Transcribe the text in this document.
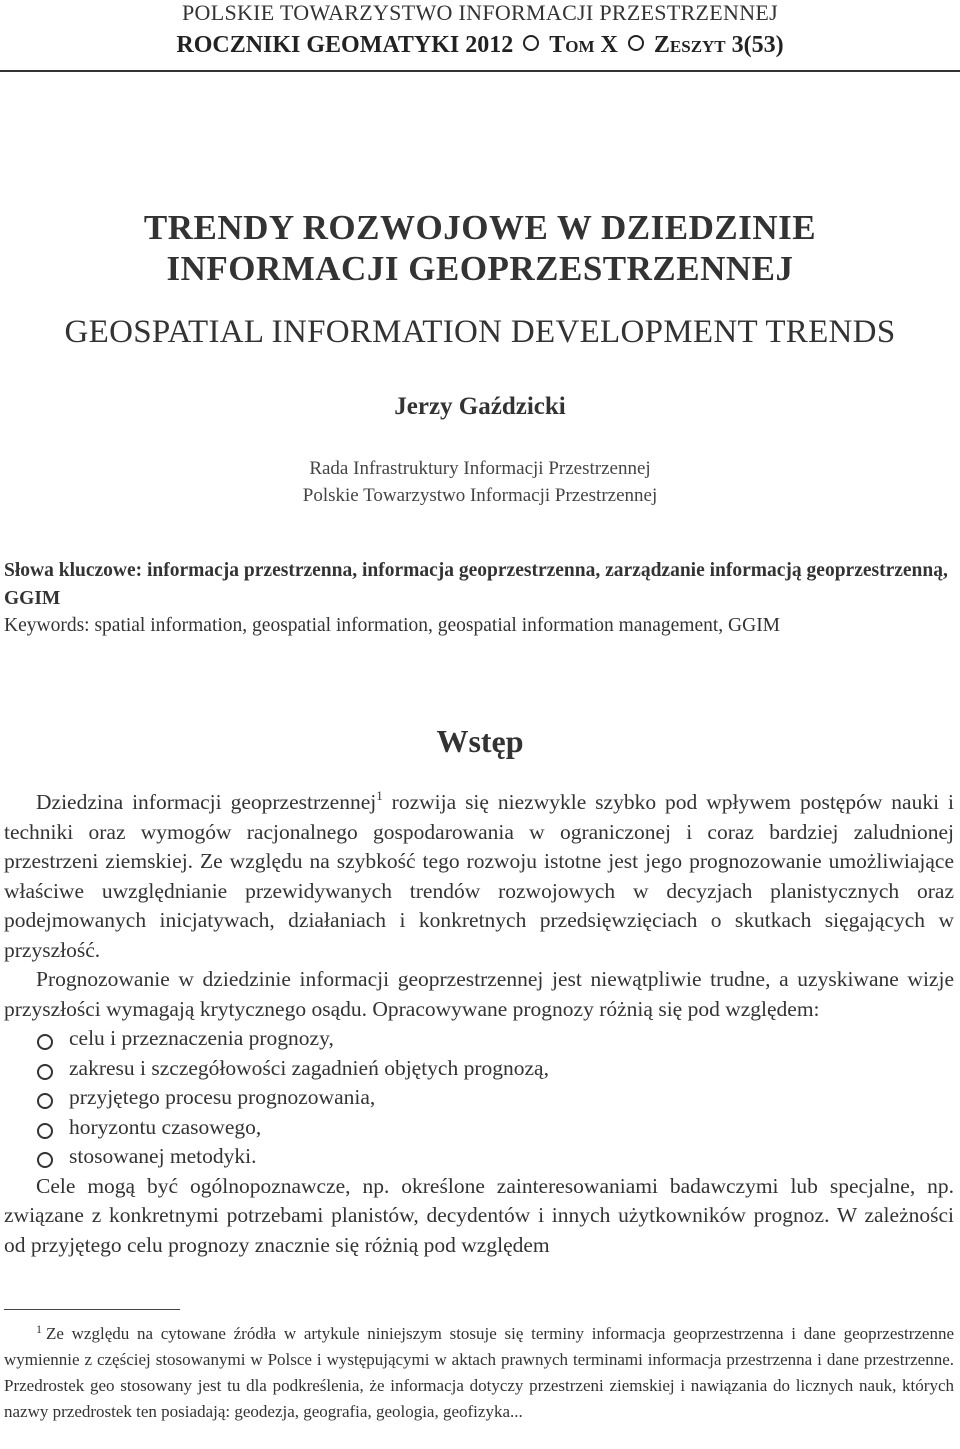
POLSKIE TOWARZYSTWO INFORMACJI PRZESTRZENNEJ
ROCZNIKI GEOMATYKI 2012 Tom X Zeszyt 3(53)
TRENDY ROZWOJOWE W DZIEDZINIE
INFORMACJI GEOPRZESTRZENNEJ
GEOSPATIAL INFORMATION DEVELOPMENT TRENDS
Jerzy Gaździcki
Rada Infrastruktury Informacji Przestrzennej
Polskie Towarzystwo Informacji Przestrzennej
Słowa kluczowe: informacja przestrzenna, informacja geoprzestrzenna, zarządzanie informacją geoprzestrzenną, GGIM
Keywords: spatial information, geospatial information, geospatial information management, GGIM
Wstęp

Dziedzina informacji geoprzestrzennej$^1$ rozwija się niezwykle szybko pod wpływem postępów nauki i techniki oraz wymogów racjonalnego gospodarowania w ograniczonej i coraz bardziej zaludnionej przestrzeni ziemskiej. Ze względu na szybkość tego rozwoju istotne jest jego prognozowanie umożliwiające właściwe uwzględnianie przewidywanych trendów rozwojowych w decyzjach planistycznych oraz podejmowanych inicjatywach, działaniach i konkretnych przedsięwzięciach o skutkach sięgających w przyszłość.

Prognozowanie w dziedzinie informacji geoprzestrzennej jest niewątpliwie trudne, a uzyskiwane wizje przyszłości wymagają krytycznego osądu. Opracowywane prognozy różnią się pod względem:

celu i przeznaczenia prognozy,
zakresu i szczegółowości zagadnień objętych prognozą,
przyjętego procesu prognozowania,
horyzontu czasowego,
stosowanej metodyki.

Cele mogą być ogólnopoznawcze, np. określone zainteresowaniami badawczymi lub specjalne, np. związane z konkretnymi potrzebami planistów, decydentów i innych użytkowników prognoz. W zależności od przyjętego celu prognozy znacznie się różnią pod względem

$^1$ Ze względu na cytowane źródła w artykule niniejszym stosuje się terminy informacja geoprzestrzenna i dane geoprzestrzenne wymiennie z częściej stosowanymi w Polsce i występującymi w aktach prawnych terminami informacja przestrzenna i dane przestrzenne. Przedrostek geo stosowany jest tu dla podkreślenia, że informacja dotyczy przestrzeni ziemskiej i nawiązania do licznych nauk, których nazwy przedrostek ten posiadają: geodezja, geografia, geologia, geofizyka...
